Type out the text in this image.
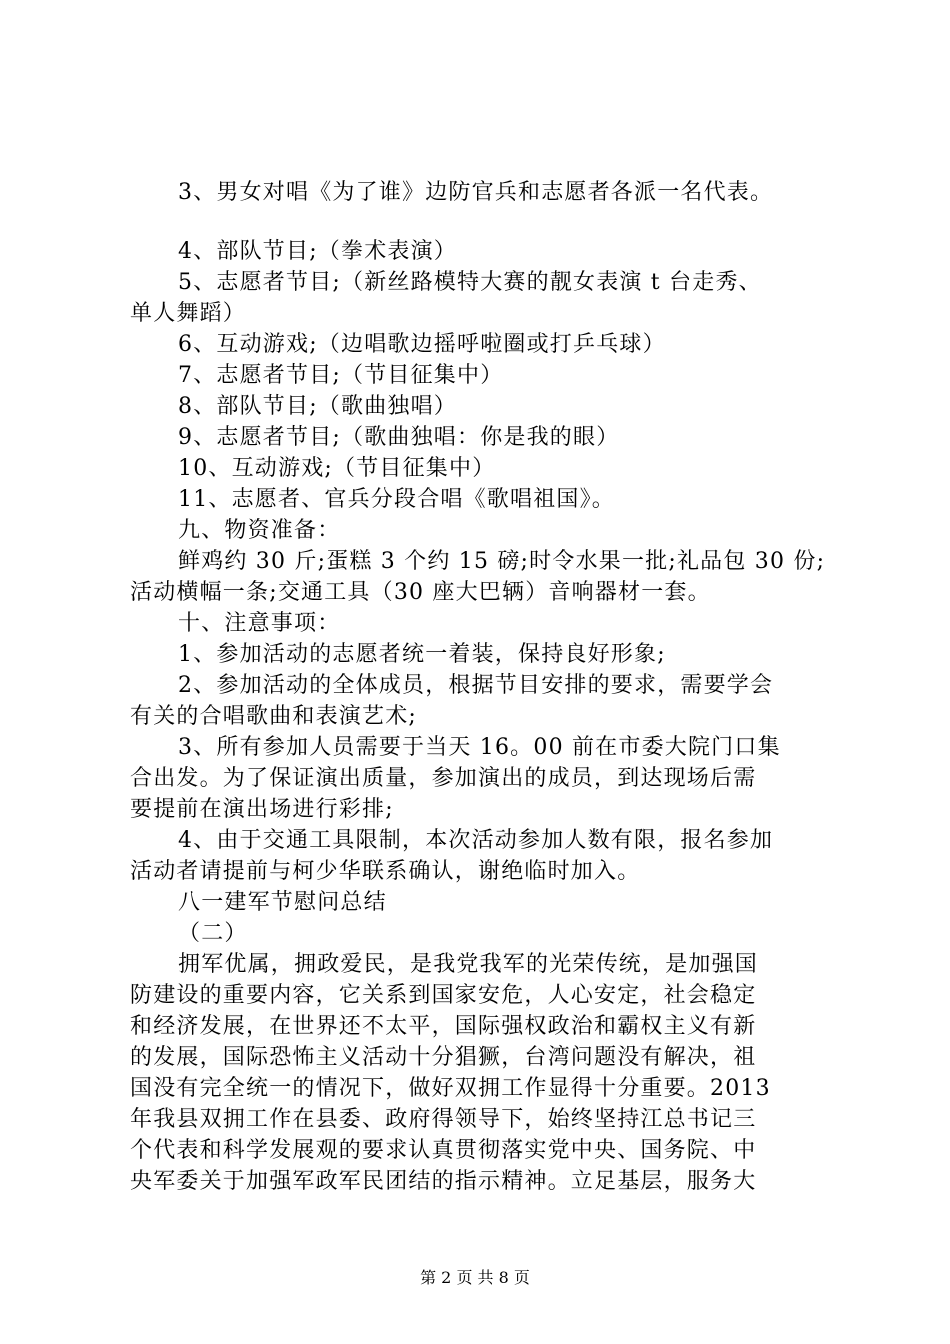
3、男女对唱《为了谁》边防官兵和志愿者各派一名代表。
4、部队节目;（拳术表演）
5、志愿者节目;（新丝路模特大赛的靓女表演 t 台走秀、
单人舞蹈）
6、互动游戏;（边唱歌边摇呼啦圈或打乒乓球）
7、志愿者节目;（节目征集中）
8、部队节目;（歌曲独唱）
9、志愿者节目;（歌曲独唱：你是我的眼）
10、互动游戏;（节目征集中）
11、志愿者、官兵分段合唱《歌唱祖国》。
九、物资准备：
鲜鸡约 30 斤;蛋糕 3 个约 15 磅;时令水果一批;礼品包 30 份;
活动横幅一条;交通工具（30 座大巴辆）音响器材一套。
十、注意事项：
1、参加活动的志愿者统一着装，保持良好形象;
2、参加活动的全体成员，根据节目安排的要求，需要学会
有关的合唱歌曲和表演艺术;
3、所有参加人员需要于当天 16。00 前在市委大院门口集
合出发。为了保证演出质量，参加演出的成员，到达现场后需
要提前在演出场进行彩排;
4、由于交通工具限制，本次活动参加人数有限，报名参加
活动者请提前与柯少华联系确认，谢绝临时加入。
八一建军节慰问总结
（二）
拥军优属，拥政爱民，是我党我军的光荣传统，是加强国
防建设的重要内容，它关系到国家安危，人心安定，社会稳定
和经济发展，在世界还不太平，国际强权政治和霸权主义有新
的发展，国际恐怖主义活动十分猖獗，台湾问题没有解决，祖
国没有完全统一的情况下，做好双拥工作显得十分重要。2013
年我县双拥工作在县委、政府得领导下，始终坚持江总书记三
个代表和科学发展观的要求认真贯彻落实党中央、国务院、中
央军委关于加强军政军民团结的指示精神。立足基层，服务大
第 2 页 共 8 页
